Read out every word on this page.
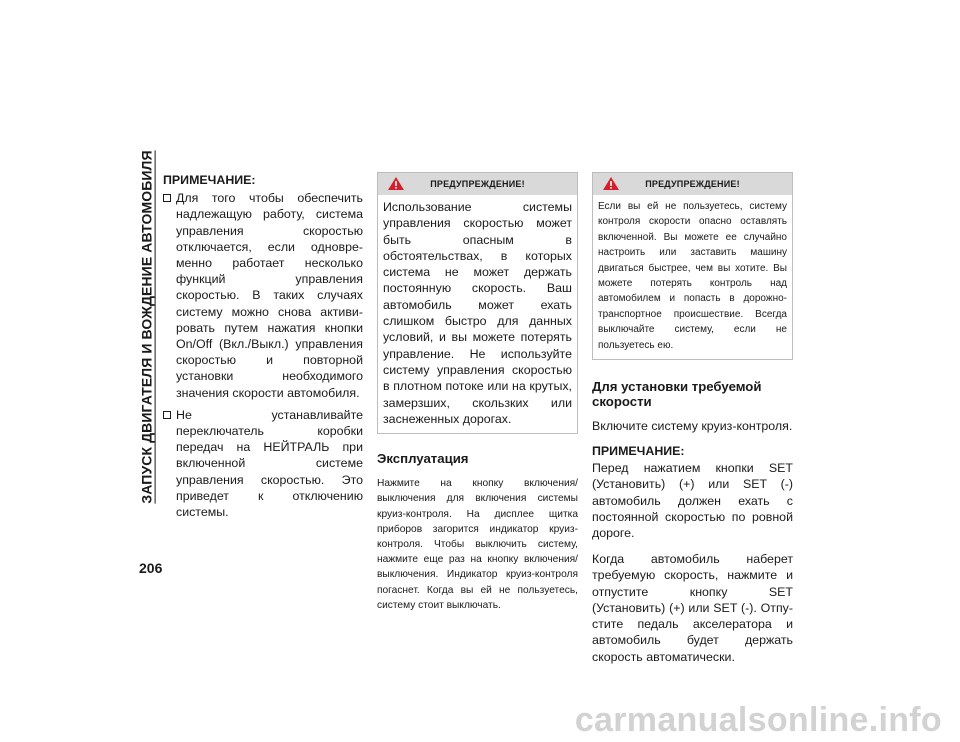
ЗАПУСК ДВИГАТЕЛЯ И ВОЖДЕНИЕ АВТОМОБИЛЯ ПРИМЕЧАНИЕ:
Для того чтобы обеспечить надлежащую работу, система управления скоростью отключается, если одновременно работает несколько функций управления скоростью. В таких случаях систему можно снова активировать путем нажатия кнопки On/Off (Вкл./Выкл.) управления скоростью и повторной установки необходимого значения скорости автомобиля.
Не устанавливайте переключатель коробки передач на НЕЙТРАЛЬ при включенной системе управления скоростью. Это приведет к отключению системы.
ПРЕДУПРЕЖДЕНИЕ!
Использование системы управления скоростью может быть опасным в обстоятельствах, в которых система не может держать постоянную скорость. Ваш автомобиль может ехать слишком быстро для данных условий, и вы можете потерять управление. Не используйте систему управления скоростью в плотном потоке или на крутых, замерзших, скользких или заснеженных дорогах.
Эксплуатация
Нажмите на кнопку включения/выключения для включения системы круиз-контроля. На дисплее щитка приборов загорится индикатор круиз-контроля. Чтобы выключить систему, нажмите еще раз на кнопку включения/выключения. Индикатор круиз-контроля погаснет. Когда вы ей не пользуетесь, систему стоит выключать.
ПРЕДУПРЕЖДЕНИЕ!
Если вы ей не пользуетесь, систему контроля скорости опасно оставлять включенной. Вы можете ее случайно настроить или заставить машину двигаться быстрее, чем вы хотите. Вы можете потерять контроль над автомобилем и попасть в дорожно-транспортное происшествие. Всегда выключайте систему, если не пользуетесь ею.
Для установки требуемой скорости

Включите систему круиз-контроля.

ПРИМЕЧАНИЕ:

Перед нажатием кнопки SET (Установить) (+) или SET (-) автомобиль должен ехать с постоянной скоростью по ровной дороге.

Когда автомобиль наберет требуемую скорость, нажмите и отпустите кнопку SET (Установить) (+) или SET (-). Отпустите педаль акселератора и автомобиль будет держать скорость автоматически.

206
carmanualsonline.info
